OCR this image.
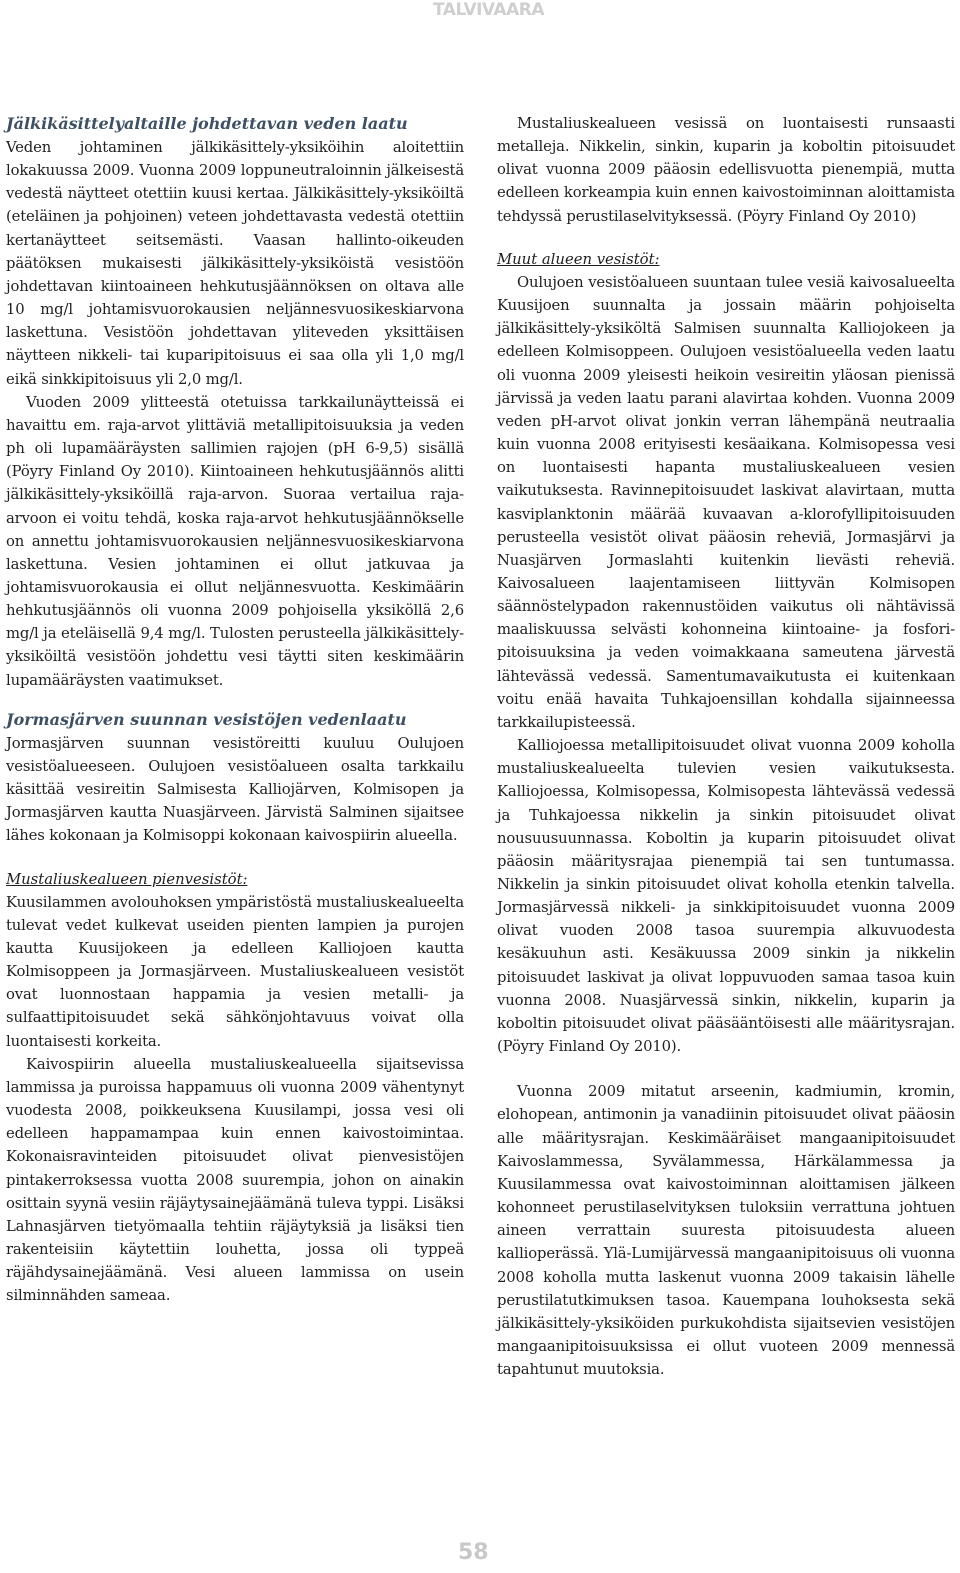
TALVIVAARA
Jälkikäsittelyaltaille johdettavan veden laatu

Veden johtaminen jälkikäsittely-yksiköihin aloitettiin lokakuussa 2009. Vuonna 2009 loppuneutraloinnin jälkeisestä vedestä näytteet otettiin kuusi kertaa. Jälkikäsittely-yksiköiltä (eteläinen ja pohjoinen) veteen johdettavasta vedestä otettiin kertanäytteet seitsemästi. Vaasan hallinto-oikeuden päätöksen mukaisesti jälkikäsittely-yksiköistä vesistöön johdettavan kiintoaineen hehkutusjäännöksen on oltava alle 10 mg/l johtamisvuorokausien neljännesvuosikeskiarvona laskettuna. Vesistöön johdettavan yliteveden yksittäisen näytteen nikkeli- tai kuparipitoisuus ei saa olla yli 1,0 mg/l eikä sinkkipitoisuus yli 2,0 mg/l.

Vuoden 2009 ylitteestä otetuissa tarkkailunäytteissä ei havaittu em. raja-arvot ylittäviä metallipitoisuuksia ja veden ph oli lupamääräysten sallimien rajojen (pH 6-9,5) sisällä (Pöyry Finland Oy 2010). Kiintoaineen hehkutusjäännös alitti jälkikäsittely-yksiköillä raja-arvon. Suoraa vertailua raja-arvoon ei voitu tehdä, koska raja-arvot hehkutusjäännökselle on annettu johtamisvuorokausien neljännesvuosikeskiarvona laskettuna. Vesien johtaminen ei ollut jatkuvaa ja johtamisvuorokausia ei ollut neljännesvuotta. Keskimäärin hehkutusjäännös oli vuonna 2009 pohjoisella yksiköllä 2,6 mg/l ja eteläisellä 9,4 mg/l. Tulosten perusteella jälkikäsittely-yksiköiltä vesistöön johdettu vesi täytti siten keskimäärin lupamääräysten vaatimukset.

Jormasjärven suunnan vesistöjen vedenlaatu

Jormasjärven suunnan vesistöreitti kuuluu Oulujoen vesistöalueeseen. Oulujoen vesistöalueen osalta tarkkailu käsittää vesireitin Salmisesta Kalliojärven, Kolmisopen ja Jormasjärven kautta Nuasjärveen. Järvistä Salminen sijaitsee lähes kokonaan ja Kolmisoppi kokonaan kaivospiirin alueella.

Mustaliuskealueen pienvesistöt:

Kuusilammen avolouhoksen ympäristöstä mustaliuskealueelta tulevat vedet kulkevat useiden pienten lampien ja purojen kautta Kuusijokeen ja edelleen Kalliojoen kautta Kolmisoppeen ja Jormasjärveen. Mustaliuskealueen vesistöt ovat luonnostaan happamia ja vesien metalli- ja sulfaattipitoisuudet sekä sähkönjohtavuus voivat olla luontaisesti korkeita.

Kaivospiirin alueella mustaliuskealueella sijaitsevissa lammissa ja puroissa happamuus oli vuonna 2009 vähentynyt vuodesta 2008, poikkeuksena Kuusilampi, jossa vesi oli edelleen happamampaa kuin ennen kaivostoimintaa. Kokonaisravinteiden pitoisuudet olivat pienvesistöjen pintakerroksessa vuotta 2008 suurempia, johon on ainakin osittain syynä vesiin räjäytysainejäämänä tuleva typpi. Lisäksi Lahnasjärven tietyömaalla tehtiin räjäytyksiä ja lisäksi tien rakenteisiin käytettiin louhetta, jossa oli typpeä räjähdysainejäämänä. Vesi alueen lammissa on usein silminnähden sameaa.

Mustaliuskealueen vesissä on luontaisesti runsaasti metalleja. Nikkelin, sinkin, kuparin ja koboltin pitoisuudet olivat vuonna 2009 pääosin edellisvuotta pienempiä, mutta edelleen korkeampia kuin ennen kaivostoiminnan aloittamista tehdyssä perustilaselvityksessä. (Pöyry Finland Oy 2010)

Muut alueen vesistöt:

Oulujoen vesistöalueen suuntaan tulee vesiä kaivosalueelta Kuusijoen suunnalta ja jossain määrin pohjoiselta jälkikäsittely-yksiköltä Salmisen suunnalta Kalliojokeen ja edelleen Kolmisoppeen. Oulujoen vesistöalueella veden laatu oli vuonna 2009 yleisesti heikoin vesireitin yläosan pienissä järvissä ja veden laatu parani alavirtaa kohden. Vuonna 2009 veden pH-arvot olivat jonkin verran lähempänä neutraalia kuin vuonna 2008 erityisesti kesäaikana. Kolmisopessa vesi on luontaisesti hapanta mustaliuskealueen vesien vaikutuksesta. Ravinnepitoisuudet laskivat alavirtaan, mutta kasviplanktonin määrää kuvaavan a-klorofyllipitoisuuden perusteella vesistöt olivat pääosin reheviä, Jormasjärvi ja Nuasjärven Jormaslahti kuitenkin lievästi reheviä. Kaivosalueen laajentamiseen liittyvän Kolmisopen säännöstelypadon rakennustöiden vaikutus oli nähtävissä maaliskuussa selvästi kohonneina kiintoaine- ja fosfori-pitoisuuksina ja veden voimakkaana sameutena järvestä lähtevässä vedessä. Samentumavaikutusta ei kuitenkaan voitu enää havaita Tuhkajoensillan kohdalla sijainneessa tarkkailupisteessä.

Kalliojoessa metallipitoisuudet olivat vuonna 2009 koholla mustaliuskealueelta tulevien vesien vaikutuksesta. Kalliojoessa, Kolmisopessa, Kolmisopesta lähtevässä vedessä ja Tuhkajoessa nikkelin ja sinkin pitoisuudet olivat nousuusuunnassa. Koboltin ja kuparin pitoisuudet olivat pääosin määritysrajaa pienempiä tai sen tuntumassa. Nikkelin ja sinkin pitoisuudet olivat koholla etenkin talvella. Jormasjärvessä nikkeli- ja sinkkipitoisuudet vuonna 2009 olivat vuoden 2008 tasoa suurempia alkuvuodesta kesäkuuhun asti. Kesäkuussa 2009 sinkin ja nikkelin pitoisuudet laskivat ja olivat loppuvuoden samaa tasoa kuin vuonna 2008. Nuasjärvessä sinkin, nikkelin, kuparin ja koboltin pitoisuudet olivat pääsääntöisesti alle määritysrajan. (Pöyry Finland Oy 2010).

Vuonna 2009 mitatut arseenin, kadmiumin, kromin, elohopean, antimonin ja vanadiinin pitoisuudet olivat pääosin alle määritysrajan. Keskimääräiset mangaanipitoisuudet Kaivoslammessa, Syvälammessa, Härkälammessa ja Kuusilammessa ovat kaivostoiminnan aloittamisen jälkeen kohonneet perustilaselvityksen tuloksiin verrattuna johtuen aineen verrattain suuresta pitoisuudesta alueen kallioperässä. Ylä-Lumijärvessä mangaanipitoisuus oli vuonna 2008 koholla mutta laskenut vuonna 2009 takaisin lähelle perustilatutkimuksen tasoa. Kauempana louhoksesta sekä jälkikäsittely-yksiköiden purkukohdista sijaitsevien vesistöjen mangaanipitoisuuksissa ei ollut vuoteen 2009 mennessä tapahtunut muutoksia.

58
